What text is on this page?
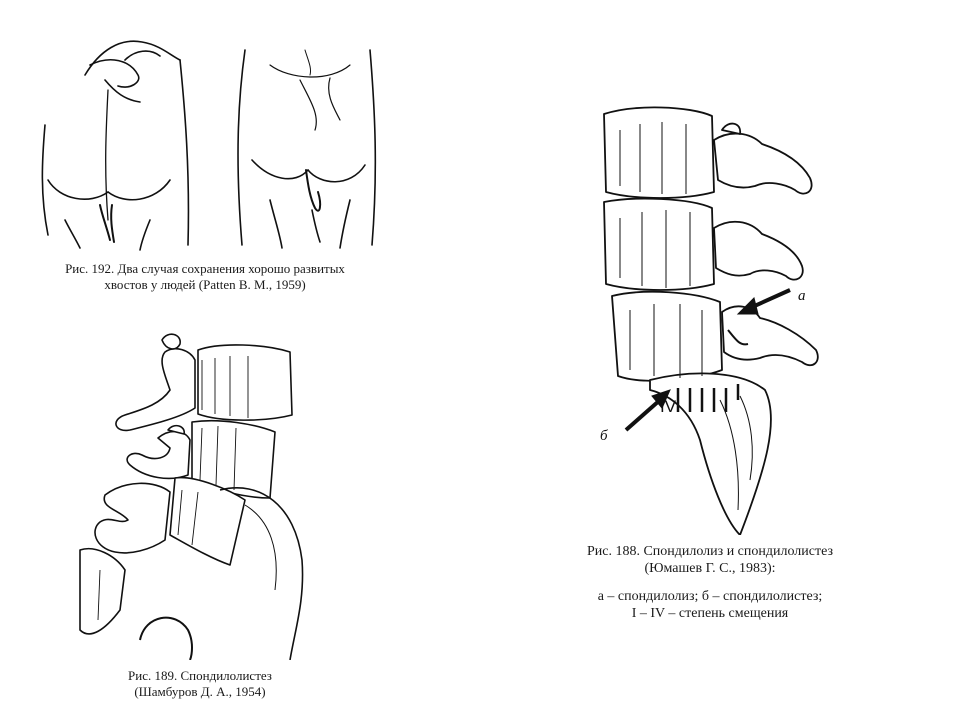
Рис. 192. Два случая сохранения хорошо развитых
хвостов у людей (Patten B. M., 1959)
Рис. 189. Спондилолистез
(Шамбуров Д. А., 1954)
а
б
IV
Рис. 188. Спондилолиз и спондилолистез
(Юмашев Г. С., 1983):
а – спондилолиз; б – спондилолистез;
I – IV – степень смещения
